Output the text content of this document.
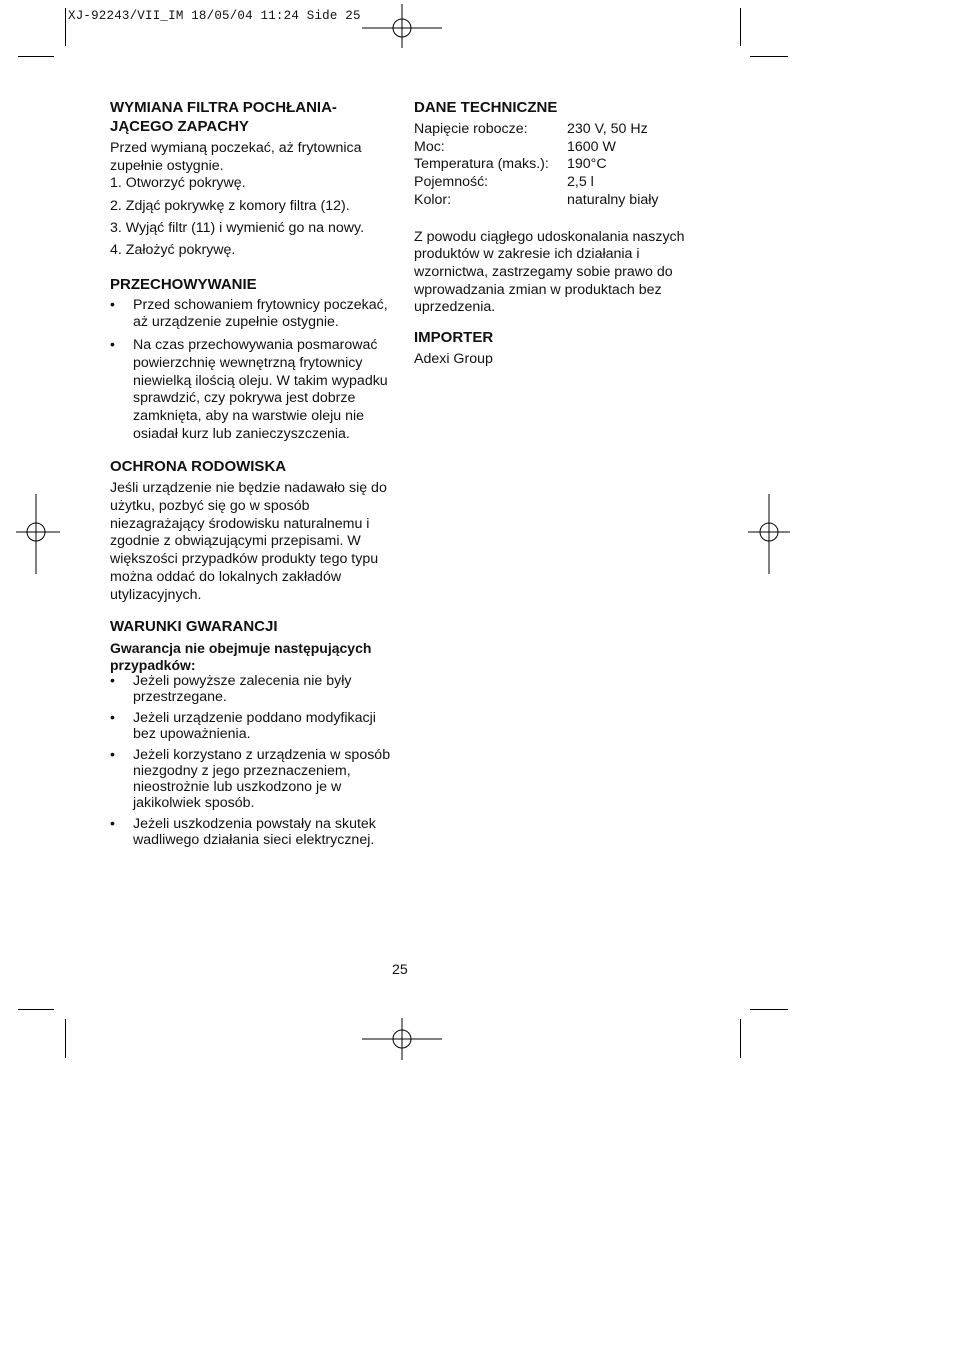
XJ-92243/VII_IM 18/05/04 11:24 Side 25
WYMIANA FILTRA POCHŁANIA-
JĄCEGO ZAPACHY

Przed wymianą poczekać, aż frytownica zupełnie ostygnie.

1. Otworzyć pokrywę.
2. Zdjąć pokrywkę z komory filtra (12).
3. Wyjąć filtr (11) i wymienić go na nowy.
4. Założyć pokrywę.
PRZECHOWYWANIE
• Przed schowaniem frytownicy poczekać, aż urządzenie zupełnie ostygnie.
• Na czas przechowywania posmarować powierzchnię wewnętrzną frytownicy niewielką ilością oleju. W takim wypadku sprawdzić, czy pokrywa jest dobrze zamknięta, aby na warstwie oleju nie osiadał kurz lub zanieczyszczenia.
OCHRONA RODOWISKA

Jeśli urządzenie nie będzie nadawało się do użytku, pozbyć się go w sposób niezagrażający środowisku naturalnemu i zgodnie z obwiązującymi przepisami. W większości przypadków produkty tego typu można oddać do lokalnych zakładów utylizacyjnych.

WARUNKI GWARANCJI

Gwarancja nie obejmuje następujących przypadków:

• Jeżeli powyższe zalecenia nie były przestrzegane.
• Jeżeli urządzenie poddano modyfikacji bez upoważnienia.
• Jeżeli korzystano z urządzenia w sposób niezgodny z jego przeznaczeniem, nieostrożnie lub uszkodzono je w jakikolwiek sposób.
• Jeżeli uszkodzenia powstały na skutek wadliwego działania sieci elektrycznej.
DANE TECHNICZNE
Napięcie robocze:	230 V, 50 Hz
Moc:	1600 W
Temperatura (maks.):	190°C
Pojemność:	2,5 l
Kolor:	naturalny biały

Z powodu ciągłego udoskonalania naszych produktów w zakresie ich działania i wzornictwa, zastrzegamy sobie prawo do wprowadzania zmian w produktach bez uprzedzenia.

IMPORTER

Adexi Group

25
